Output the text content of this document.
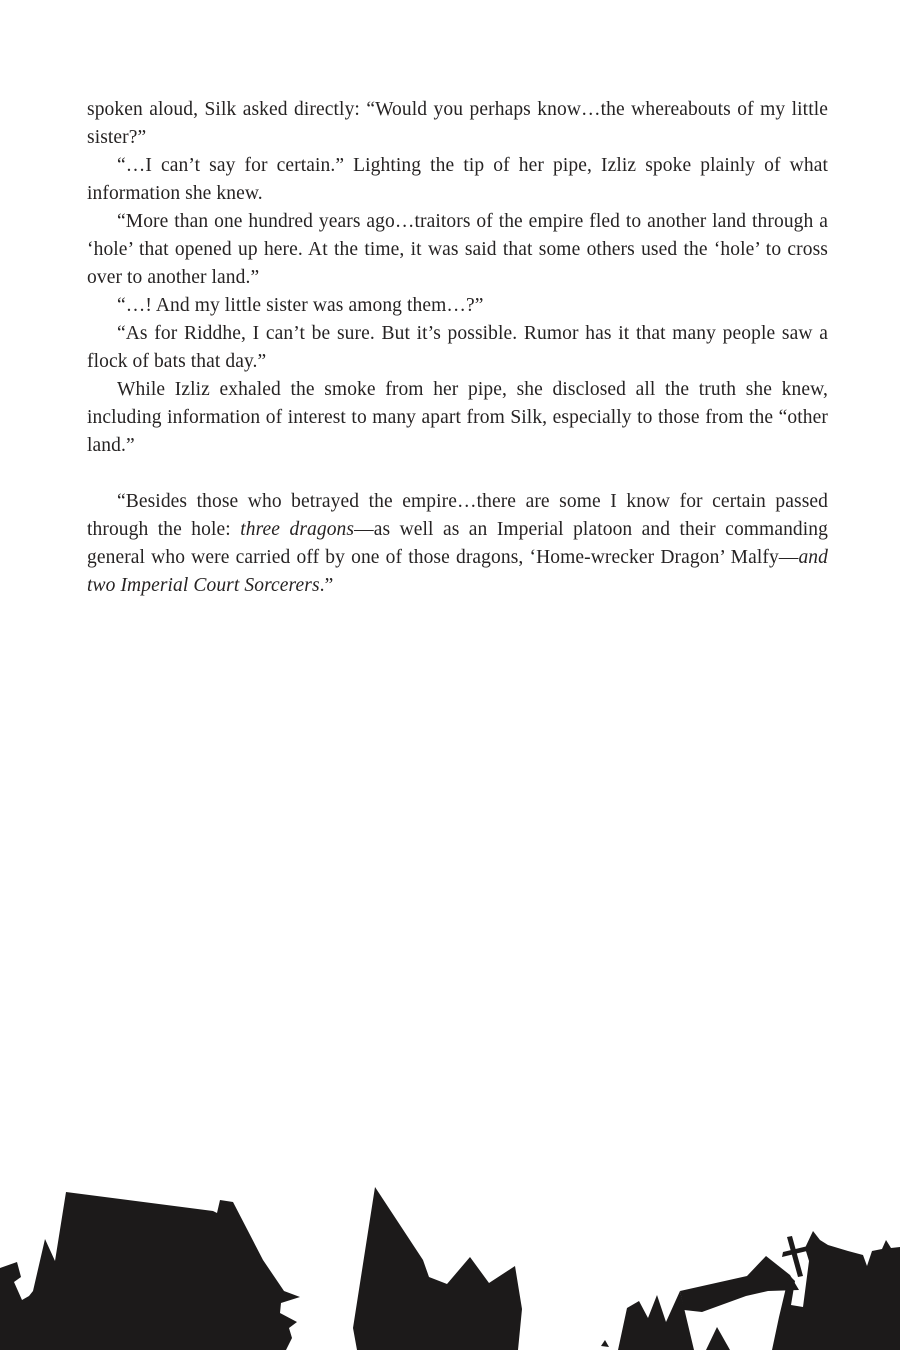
spoken aloud, Silk asked directly: “Would you perhaps know…the whereabouts of my little sister?”

“…I can’t say for certain.” Lighting the tip of her pipe, Izliz spoke plainly of what information she knew.

“More than one hundred years ago…traitors of the empire fled to another land through a ‘hole’ that opened up here. At the time, it was said that some others used the ‘hole’ to cross over to another land.”

“…! And my little sister was among them…?”

“As for Riddhe, I can’t be sure. But it’s possible. Rumor has it that many people saw a flock of bats that day.”

While Izliz exhaled the smoke from her pipe, she disclosed all the truth she knew, including information of interest to many apart from Silk, especially to those from the “other land.”

“Besides those who betrayed the empire…there are some I know for certain passed through the hole: three dragons—as well as an Imperial platoon and their commanding general who were carried off by one of those dragons, ‘Home-wrecker Dragon’ Malfy—and two Imperial Court Sorcerers.”
